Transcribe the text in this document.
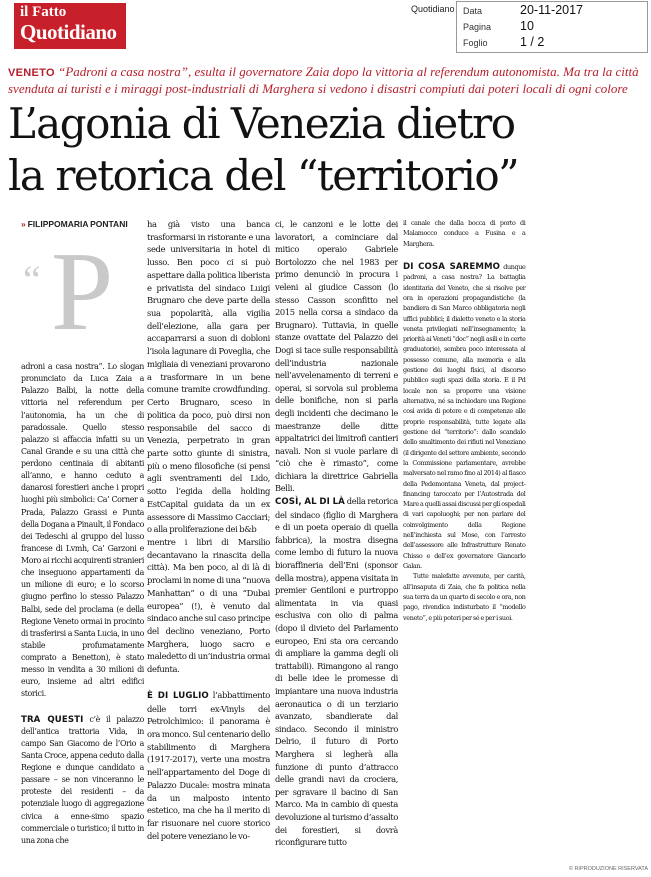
il Fatto
Quotidiano
Quotidiano Data	20-11-2017
Pagina 10
Foglio	1 / 2
VENETO “Padroni a casa nostra”, esulta il governatore Zaia dopo la vittoria al referendum autonomista. Ma tra la città svenduta ai turisti e i miraggi post-industriali di Marghera si vedono i disastri compiuti dai poteri locali di ogni colore
L’agonia di Venezia dietro
la retorica del “territorio”
“ P
» FILIPPOMARIA PONTANI

adroni a casa nostra”. Lo slogan pronunciato da Luca Zaia a Palazzo Balbi, la notte della vittoria nel referendum per l’autonomia, ha un che di paradossale. Quello stesso palazzo si affaccia infatti su un Canal Grande e su una città che perdono centinaia di abitanti all’anno, e hanno ceduto a danarosi forestieri anche i propri luoghi più simbolici: Ca’ Corner a Prada, Palazzo Grassi e Punta della Dogana a Pinault, il Fondaco dei Tedeschi al gruppo del lusso francese di Lvmh, Ca’ Garzoni e Moro ai ricchi acquirenti stranieri che inseguono appartamenti da un milione di euro; e lo scorso giugno perfino lo stesso Palazzo Balbi, sede del proclama (e della Regione Veneto ormai in procinto di trasferirsi a Santa Lucia, in uno stabile profumatamente comprato a Benetton), è stato messo in vendita a 30 milioni di euro, insieme ad altri edifici storici.

TRA QUESTI c’è il palazzo dell’antica trattoria Vida, in campo San Giacomo de l’Orio a Santa Croce, appena ceduto dalla Regione e dunque candidato a passare – se non vinceranno le proteste dei residenti – da potenziale luogo di aggregazione civica a enne-simo spazio commerciale o turistico; il tutto in una zona che

ha già visto una banca trasformarsi in ristorante e una sede universitaria in hotel di lusso. Ben poco ci si può aspettare dalla politica liberista e privatista del sindaco Luigi Brugnaro che deve parte della sua popolarità, alla vigilia dell’elezione, alla gara per accaparrarsi a suon di dobloni l’isola lagunare di Poveglia, che migliaia di veneziani provarono a trasformare in un bene comune tramite crowdfunding. Certo Brugnaro, sceso in politica da poco, può dirsi non responsabile del sacco di Venezia, perpetrato in gran parte sotto giunte di sinistra, più o meno filosofiche (si pensi agli sventramenti del Lido, sotto l’egida della holding EstCapital guidata da un ex assessore di Massimo Cacciari; o alla proliferazione dei b&b

mentre i libri di Marsilio decantavano la rinascita della città). Ma ben poco, al di là di proclami in nome di una “nuova Manhattan” o di una “Dubai europea” (!), è venuto dal sindaco anche sul caso principe del declino veneziano, Porto Marghera, luogo sacro e maledetto di un’industria ormai defunta.

È DI LUGLIO l’abbattimento delle torri ex-Vinyls del Petrolchimico: il panorama è ora monco. Sul centenario dello stabilimento di Marghera (1917-2017), verte una mostra nell’appartamento del Doge di Palazzo Ducale: mostra minata da un malposto intento estetico, ma che ha il merito di far risuonare nel cuore storico del potere veneziano le vo-

ci, le canzoni e le lotte dei lavoratori, a cominciare dal mitico operaio Gabriele Bortolozzo che nel 1983 per primo denunciò in procura i veleni al giudice Casson (lo stesso Casson sconfitto nel 2015 nella corsa a sindaco da Brugnaro). Tuttavia, in quelle stanze ovattate del Palazzo dei Dogi si tace sulle responsabilità dell’industria nazionale nell’avvelenamento di terreni e operai, si sorvola sul problema delle bonifiche, non si parla degli incidenti che decimano le maestranze delle ditte appaltatrici dei limitrofi cantieri navali. Non si vuole parlare di “ciò che è rimasto”, come dichiara la direttrice Gabriella Belli.

COSÌ, AL DI LÀ della retorica del sindaco (figlio di Marghera e di un poeta operaio di quella fabbrica), la mostra disegna come lembo di futuro la nuova bioraffineria dell’Eni (sponsor della mostra), appena visitata in premier Gentiloni e purtroppo alimentata in via quasi esclusiva con olio di palma (dopo il divieto del Parlamento europeo, Eni sta ora cercando di ampliare la gamma degli oli trattabili). Rimangono al rango di belle idee le promesse di impiantare una nuova industria aeronautica o di un terziario avanzato, sbandierate dal sindaco. Secondo il ministro Delrio, il futuro di Porto Marghera si legherà alla funzione di punto d’attracco delle grandi navi da crociera, per sgravare il bacino di San Marco. Ma in cambio di questa devoluzione al turismo d’assalto dei forestieri, si dovrà riconfigurare tutto

il canale che dalla bocca di porto di Malamocco conduce a Fusina e a Marghera.

DI COSA SAREMMO dunque padroni, a casa nostra? La battaglia identitaria del Veneto, che si risolve per ora in operazioni propagandistiche (la bandiera di San Marco obbligatoria negli uffici pubblici; il dialetto veneto e la storia veneta privilegiati nell’insegnamento; la priorità ai Veneti “doc” negli asili e in certe graduatorie), sembra poco interessata al possesso comune, alla memoria e alla gestione dei luoghi fisici, al discorso pubblico sugli spazi della storia. E il Pd locale non sa proporre una visione alternativa, né sa inchiodare una Regione così avida di potere e di competenze alle proprie responsabilità, tutte legate alla gestione del “territorio”: dallo scandalo dello smaltimento dei rifiuti nel Veneziano (il dirigente del settore ambiente, secondo la Commissione parlamentare, avrebbe malversato nel ramo fino al 2014) al fiasco della Pedemontana Veneta, dal project-financing taroccato per l’Autostrada del Mare a quelli assai discussi per gli ospedali di vari capoluoghi; per non parlare del coinvolgimento della Regione nell’inchiesta sul Mose, con l’arresto dell’assessore alle Infrastrutture Renato Chisso e dell’ex governatore Giancarlo Galan.

Tutte malefatte avvenute, per carità, all’insaputa di Zaia, che fa politica nella sua terra da un quarto di secolo e ora, non pago, rivendica indisturbato il “modello veneto”, e più poteri per sé e per i suoi.

© RIPRODUZIONE RISERVATA
